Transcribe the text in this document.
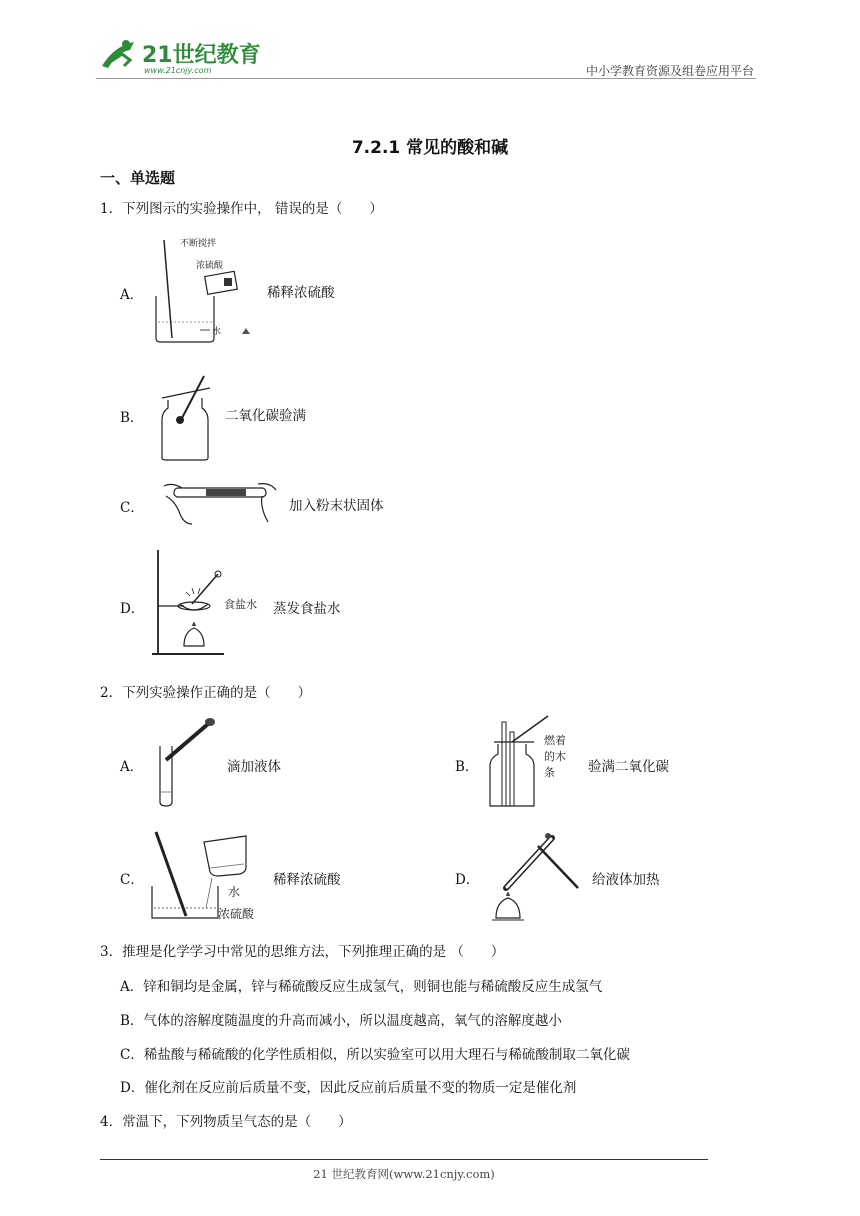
21世纪教育
www.21cnjy.com	中小学教育资源及组卷应用平台
7.2.1 常见的酸和碱
一、单选题
1．下列图示的实验操作中， 错误的是（　　）
A．
不断搅拌
浓硫酸
水
稀释浓硫酸
B．	二氧化碳验满
C．	加入粉末状固体
D．	食盐水 蒸发食盐水
2．下列实验操作正确的是（　　）
A．	滴加液体	B．
燃着
的木
条 验满二氧化碳
C．
水
浓硫酸
稀释浓硫酸	D．	给液体加热
3．推理是化学学习中常见的思维方法，下列推理正确的是 （　　）
A．锌和铜均是金属，锌与稀硫酸反应生成氢气，则铜也能与稀硫酸反应生成氢气
B．气体的溶解度随温度的升高而减小，所以温度越高，氧气的溶解度越小
C．稀盐酸与稀硫酸的化学性质相似，所以实验室可以用大理石与稀硫酸制取二氧化碳
D．催化剂在反应前后质量不变，因此反应前后质量不变的物质一定是催化剂
4．常温下，下列物质呈气态的是（　　）
21 世纪教育网(www.21cnjy.com)
